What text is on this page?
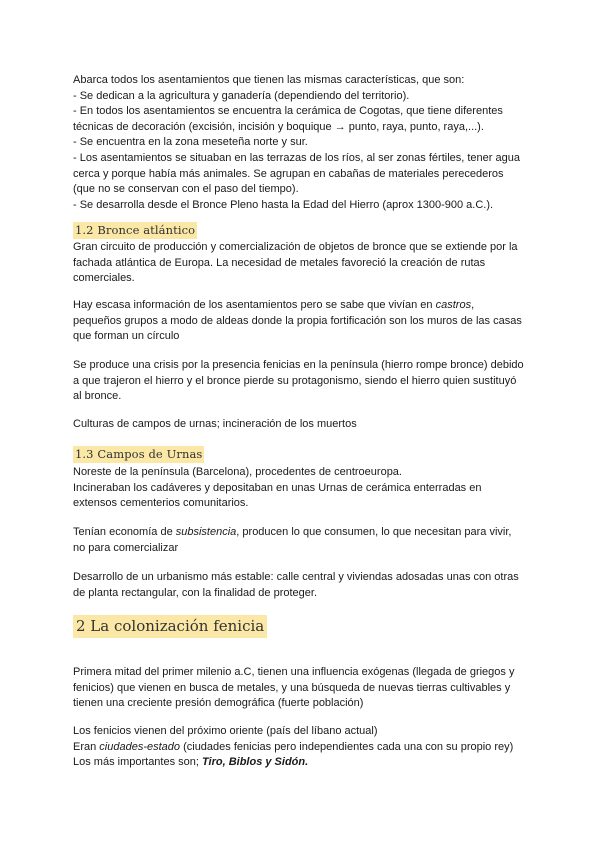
Abarca todos los asentamientos que tienen las mismas características, que son:

- Se dedican a la agricultura y ganadería (dependiendo del territorio).

- En todos los asentamientos se encuentra la cerámica de Cogotas, que tiene diferentes

técnicas de decoración (excisión, incisión y boquique → punto, raya, punto, raya,...).

- Se encuentra en la zona meseteña norte y sur.

- Los asentamientos se situaban en las terrazas de los ríos, al ser zonas fértiles, tener agua

cerca y porque había más animales. Se agrupan en cabañas de materiales perecederos

(que no se conservan con el paso del tiempo).

- Se desarrolla desde el Bronce Pleno hasta la Edad del Hierro (aprox 1300-900 a.C.).

1.2 Bronce atlántico

Gran circuito de producción y comercialización de objetos de bronce que se extiende por la

fachada atlántica de Europa. La necesidad de metales favoreció la creación de rutas

comerciales.

Hay escasa información de los asentamientos pero se sabe que vivían en castros,

pequeños grupos a modo de aldeas donde la propia fortificación son los muros de las casas

que forman un círculo

Se produce una crisis por la presencia fenicias en la península (hierro rompe bronce) debido

a que trajeron el hierro y el bronce pierde su protagonismo, siendo el hierro quien sustituyó

al bronce.

Culturas de campos de urnas; incineración de los muertos

1.3 Campos de Urnas

Noreste de la península (Barcelona), procedentes de centroeuropa.

Incineraban los cadáveres y depositaban en unas Urnas de cerámica enterradas en

extensos cementerios comunitarios.

Tenían economía de subsistencia, producen lo que consumen, lo que necesitan para vivir,

no para comercializar

Desarrollo de un urbanismo más estable: calle central y viviendas adosadas unas con otras

de planta rectangular, con la finalidad de proteger.

2 La colonización fenicia

Primera mitad del primer milenio a.C, tienen una influencia exógenas (llegada de griegos y

fenicios) que vienen en busca de metales, y una búsqueda de nuevas tierras cultivables y

tienen una creciente presión demográfica (fuerte población)

Los fenicios vienen del próximo oriente (país del líbano actual)

Eran ciudades-estado (ciudades fenicias pero independientes cada una con su propio rey)

Los más importantes son; Tiro, Biblos y Sidón.
